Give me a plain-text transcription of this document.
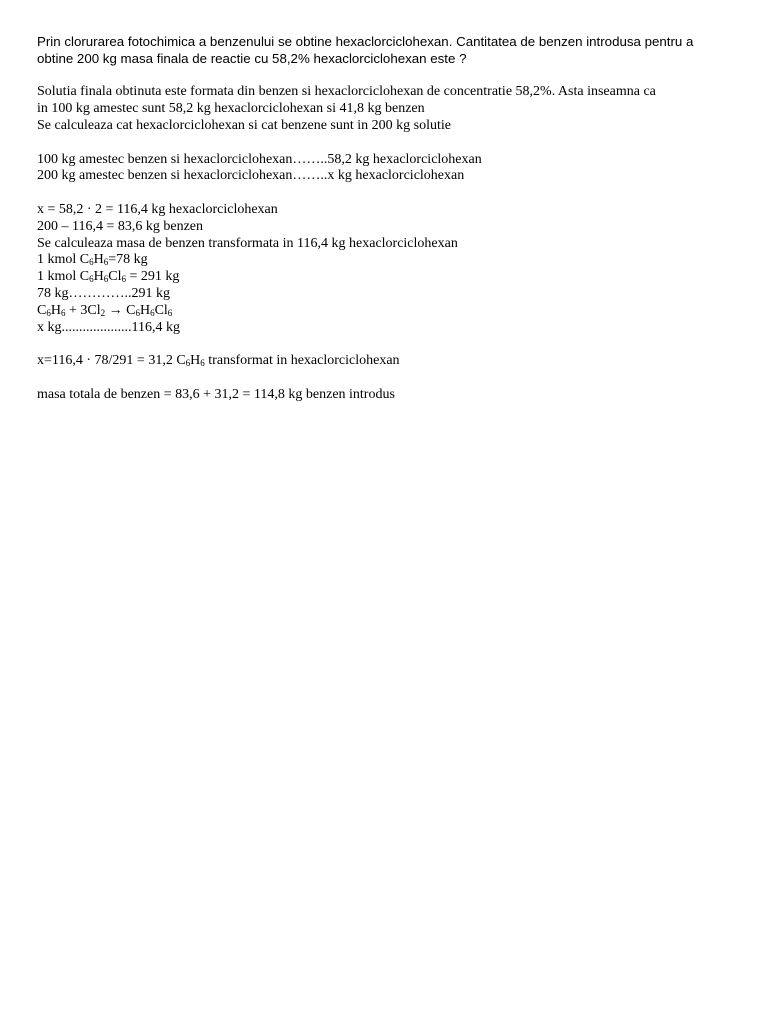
Prin clorurarea fotochimica a benzenului se obtine hexaclorciclohexan. Cantitatea de benzen introdusa pentru a
obtine 200 kg masa finala de reactie cu 58,2% hexaclorciclohexan este ?
Solutia finala obtinuta este formata din benzen si hexaclorciclohexan de concentratie 58,2%. Asta inseamna ca
in 100 kg amestec sunt 58,2 kg hexaclorciclohexan si 41,8 kg benzen
Se calculeaza cat hexaclorciclohexan si cat benzene sunt in 200 kg solutie
100 kg amestec benzen si hexaclorciclohexan……..58,2 kg hexaclorciclohexan
200 kg amestec benzen si hexaclorciclohexan……..x kg hexaclorciclohexan
x = 58,2 · 2 = 116,4 kg hexaclorciclohexan
200 – 116,4 = 83,6 kg benzen
Se calculeaza masa de benzen transformata in 116,4 kg hexaclorciclohexan
1 kmol $C_6H_6=78$ kg
1 kmol $C_6H_6Cl_6 = 291$ kg
78 kg…………..291 kg
$C_6H_6 + 3Cl_2 \to C_6H_6Cl_6$
x kg....................116,4 kg
x=116,4 · 78/291 = 31,2 $C_6H_6$ transformat in hexaclorciclohexan
masa totala de benzen = 83,6 + 31,2 = 114,8 kg benzen introdus
